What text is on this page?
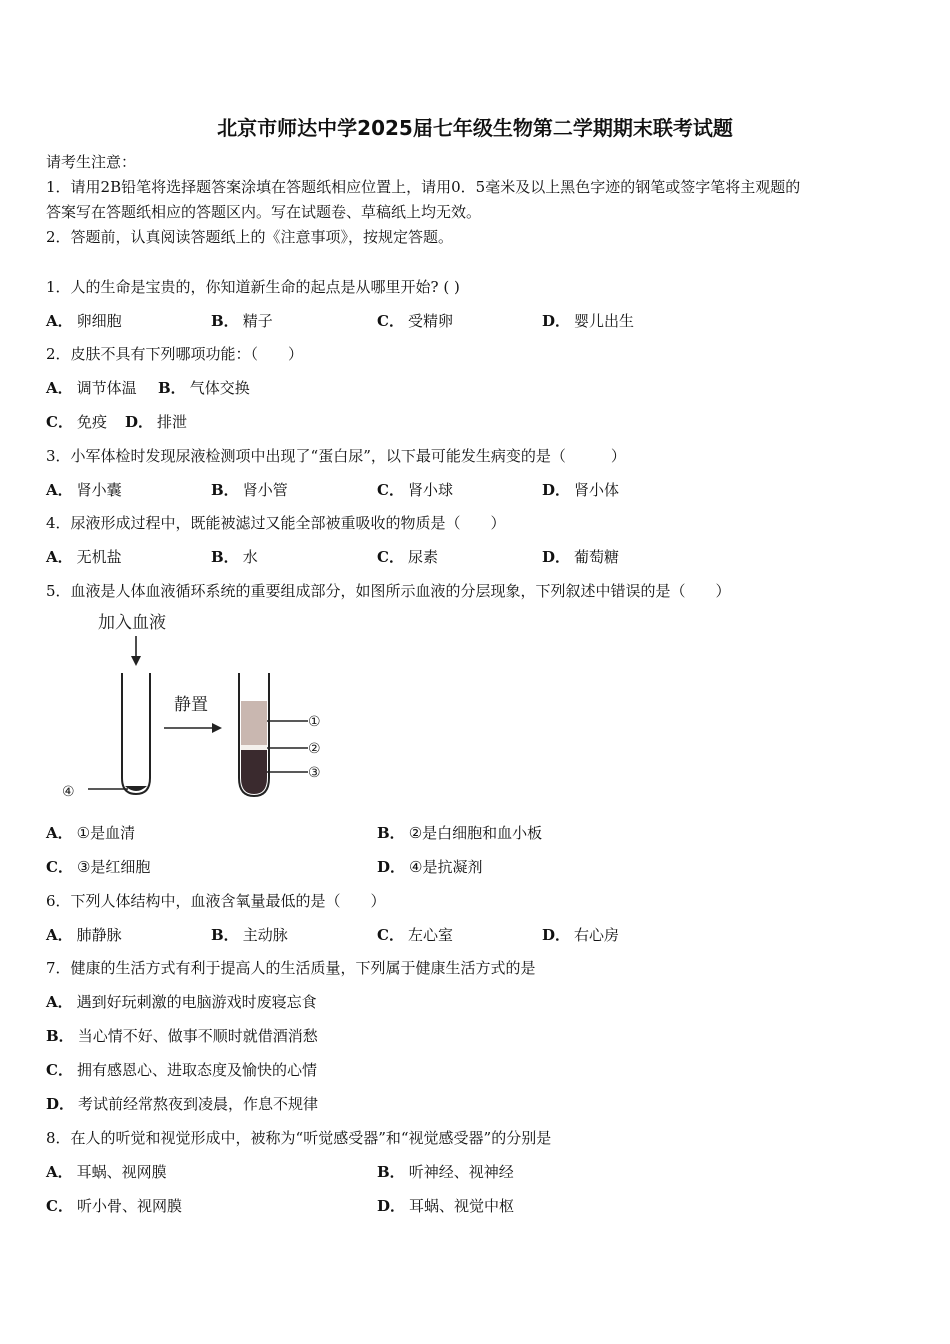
北京市师达中学2025届七年级生物第二学期期末联考试题
请考生注意：
1．请用2B铅笔将选择题答案涂填在答题纸相应位置上，请用0．5毫米及以上黑色字迹的钢笔或签字笔将主观题的
答案写在答题纸相应的答题区内。写在试题卷、草稿纸上均无效。
2．答题前，认真阅读答题纸上的《注意事项》，按规定答题。
1．人的生命是宝贵的，你知道新生命的起点是从哪里开始? ( )
A． 卵细胞	B． 精子	C． 受精卵	D． 婴儿出生
2．皮肤不具有下列哪项功能：（　　）
A． 调节体温 B． 气体交换
C． 免疫 D． 排泄
3．小军体检时发现尿液检测项中出现了“蛋白尿”，以下最可能发生病变的是（　　　）
A． 肾小囊	B． 肾小管	C． 肾小球	D． 肾小体
4．尿液形成过程中，既能被滤过又能全部被重吸收的物质是（　　）
A． 无机盐	B． 水	C． 尿素	D． 葡萄糖
5．血液是人体血液循环系统的重要组成部分，如图所示血液的分层现象，下列叙述中错误的是（　　）
加入血液
④
静置
①
②
③
A． ①是血清	B． ②是白细胞和血小板
C． ③是红细胞	D． ④是抗凝剂
6．下列人体结构中，血液含氧量最低的是（　　）
A． 肺静脉	B． 主动脉	C． 左心室	D． 右心房
7．健康的生活方式有利于提高人的生活质量，下列属于健康生活方式的是
A． 遇到好玩刺激的电脑游戏时废寝忘食
B． 当心情不好、做事不顺时就借酒消愁
C． 拥有感恩心、进取态度及愉快的心情
D． 考试前经常熬夜到凌晨，作息不规律
8．在人的听觉和视觉形成中，被称为“听觉感受器”和“视觉感受器”的分别是
A． 耳蜗、视网膜	B． 听神经、视神经
C． 听小骨、视网膜	D． 耳蜗、视觉中枢
